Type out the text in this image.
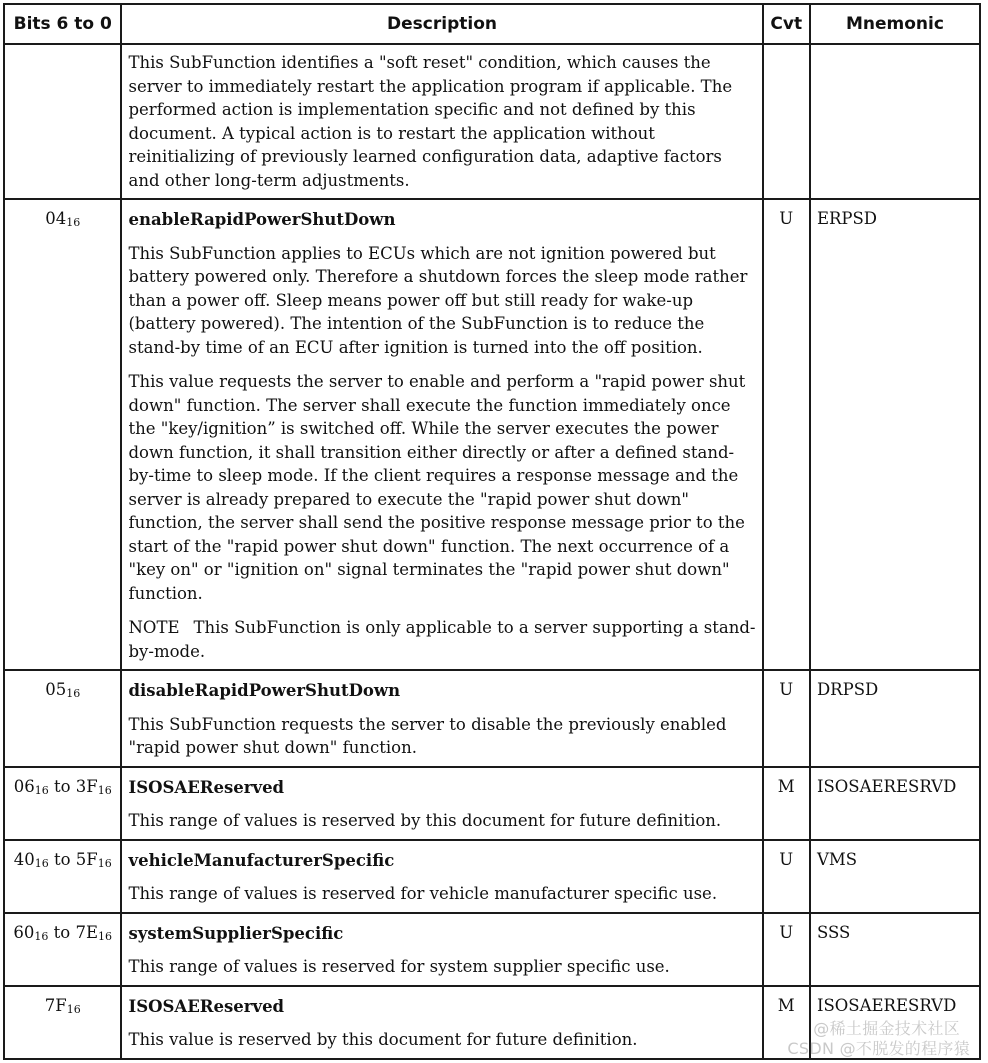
Bits 6 to 0	Description	Cvt	Mnemonic

	This SubFunction identifies a "soft reset" condition, which causes the server to immediately restart the application program if applicable. The performed action is implementation specific and not defined by this document. A typical action is to restart the application without reinitializing of previously learned configuration data, adaptive factors and other long-term adjustments.		

$04_{16}$	enableRapidPowerShutDown

This SubFunction applies to ECUs which are not ignition powered but battery powered only. Therefore a shutdown forces the sleep mode rather than a power off. Sleep means power off but still ready for wake-up (battery powered). The intention of the SubFunction is to reduce the stand-by time of an ECU after ignition is turned into the off position.

This value requests the server to enable and perform a "rapid power shut down" function. The server shall execute the function immediately once the "key/ignition” is switched off. While the server executes the power down function, it shall transition either directly or after a defined stand-by-time to sleep mode. If the client requires a response message and the server is already prepared to execute the "rapid power shut down" function, the server shall send the positive response message prior to the start of the "rapid power shut down" function. The next occurrence of a "key on" or "ignition on" signal terminates the "rapid power shut down" function.

NOTE This SubFunction is only applicable to a server supporting a stand-by-mode.	U	ERPSD
$05_{16}$	disableRapidPowerShutDown

This SubFunction requests the server to disable the previously enabled "rapid power shut down" function.	U	DRPSD
$06_{16}$ to $3F_{16}$	ISOSAEReserved

This range of values is reserved by this document for future definition.	M	ISOSAERESRVD
$40_{16}$ to $5F_{16}$	vehicleManufacturerSpecific

This range of values is reserved for vehicle manufacturer specific use.	U	VMS
$60_{16}$ to $7E_{16}$	systemSupplierSpecific

This range of values is reserved for system supplier specific use.	U	SSS
$7F_{16}$	ISOSAEReserved

This value is reserved by this document for future definition.	M	ISOSAERESRVD
@稀土掘金技术社区
CSDN @不脱发的程序猿
